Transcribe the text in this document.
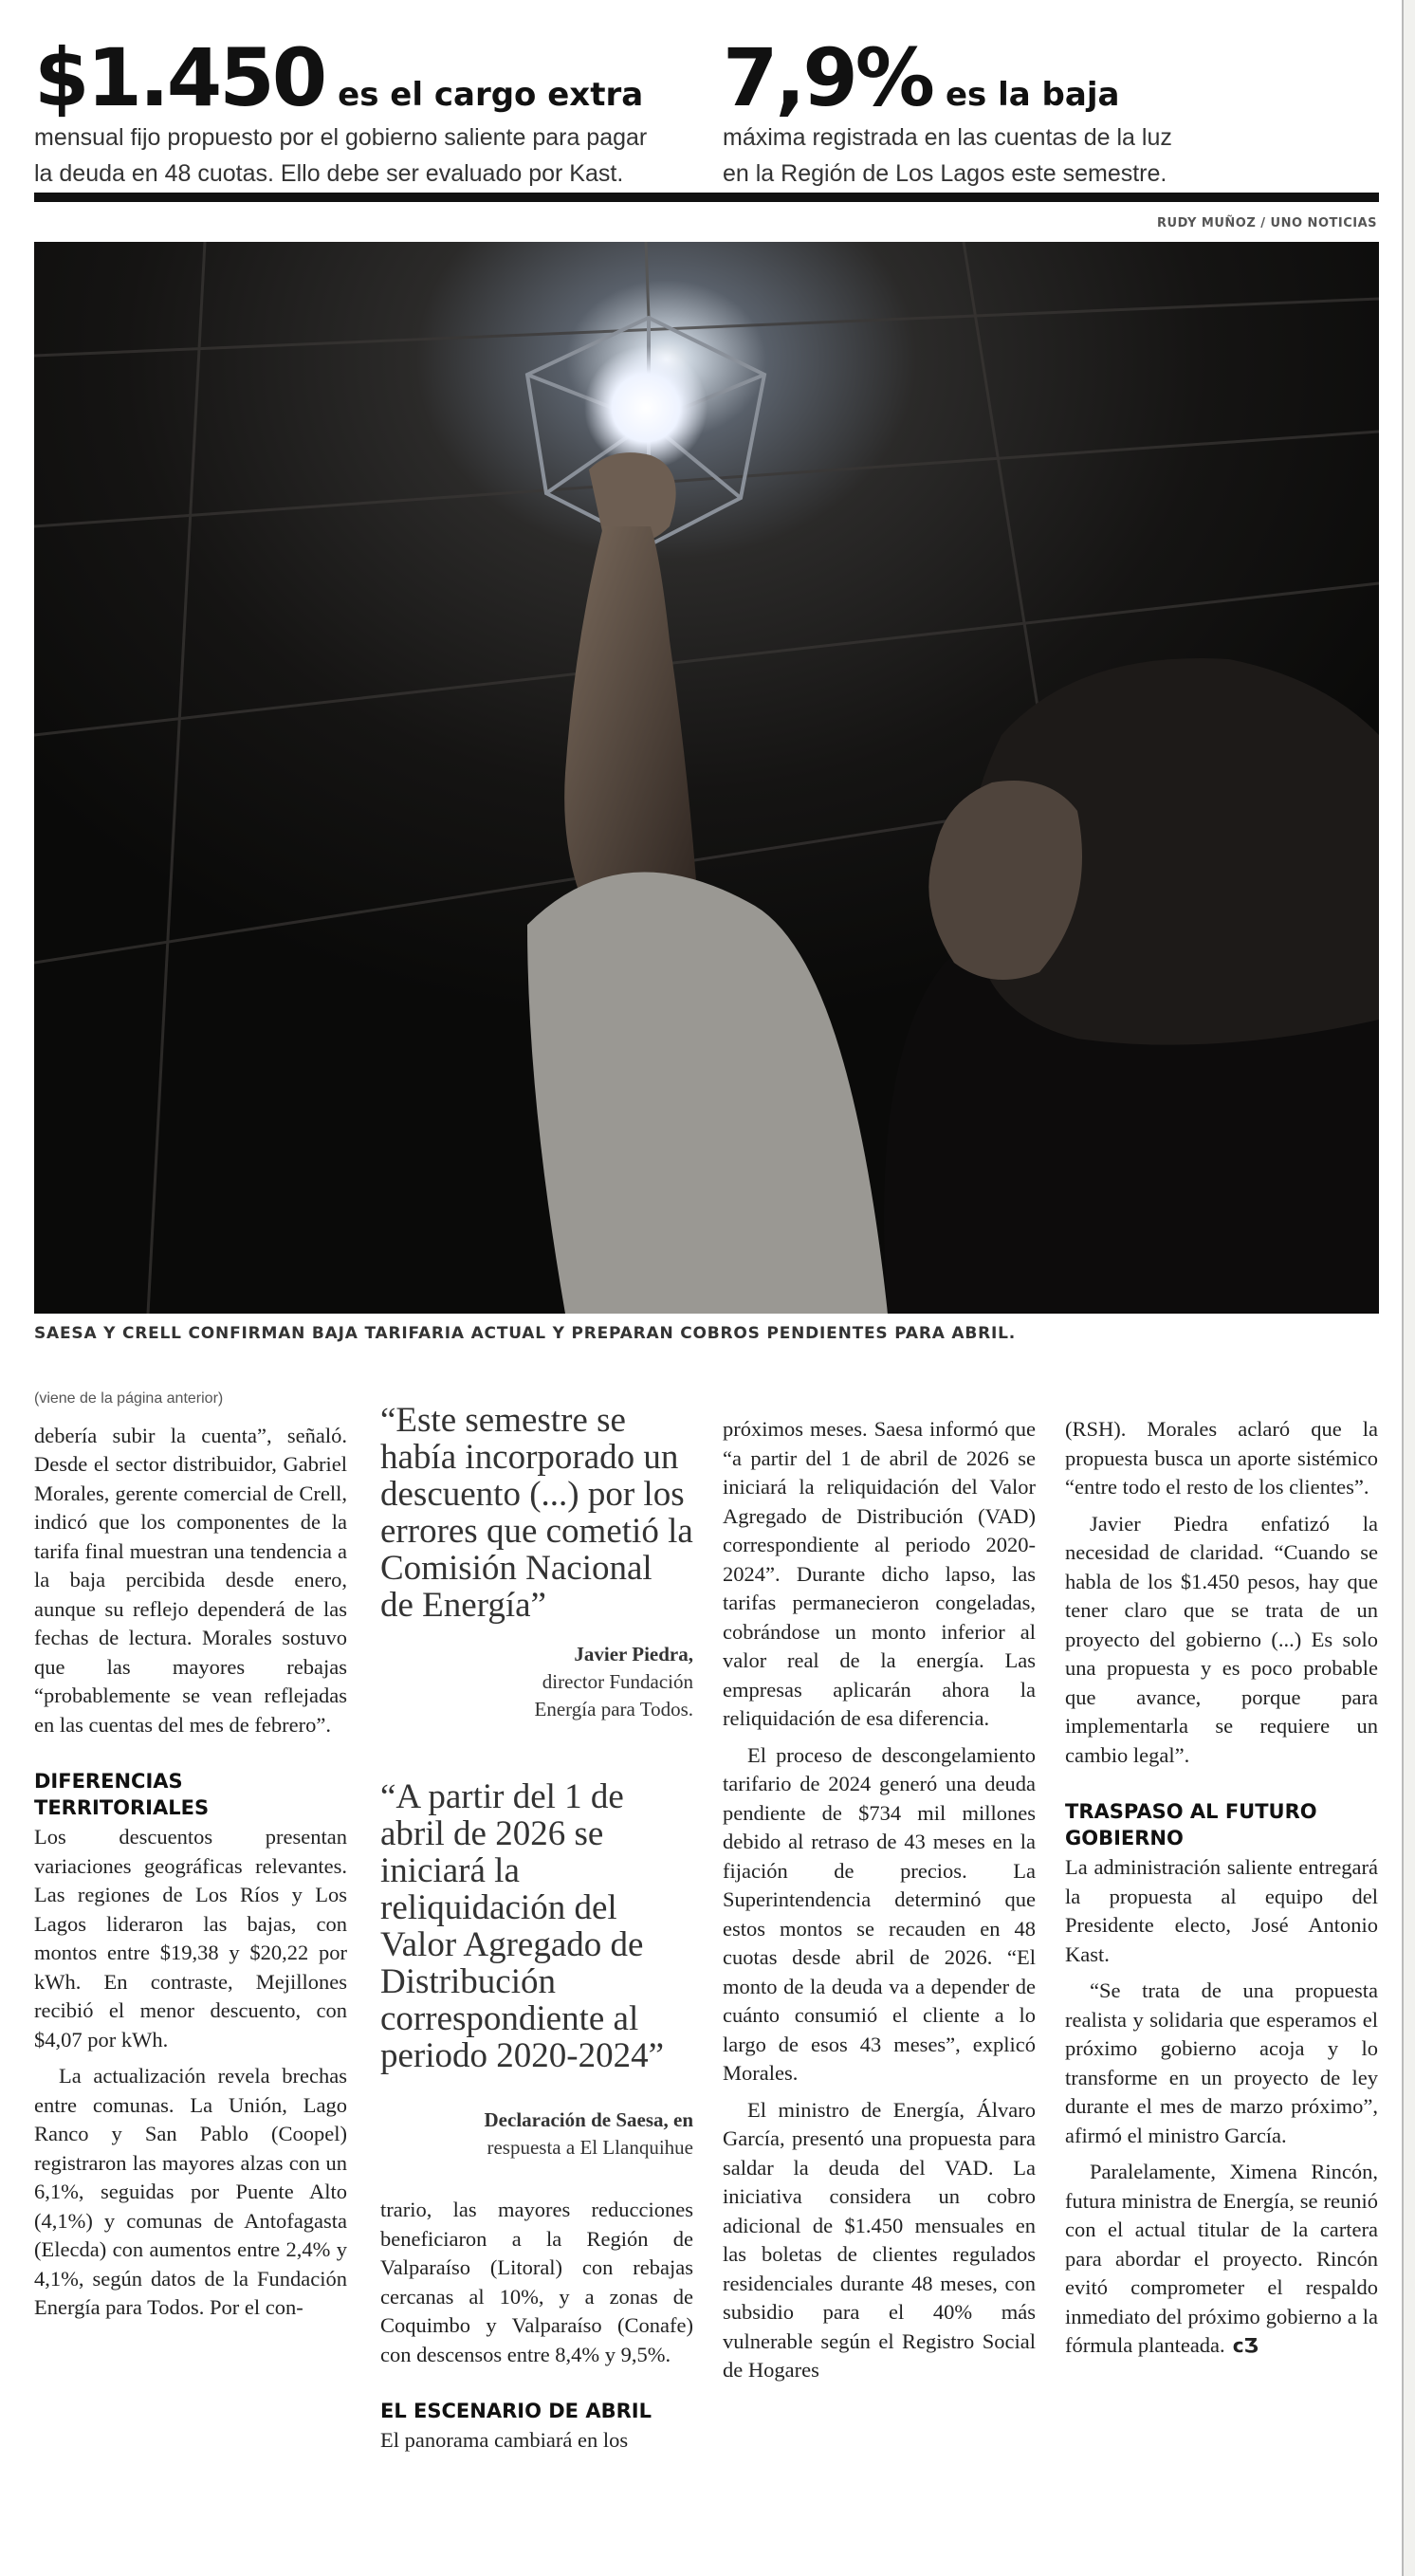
$1.450 es el cargo extra
mensual fijo propuesto por el gobierno saliente para pagar
la deuda en 48 cuotas. Ello debe ser evaluado por Kast.
7,9% es la baja
máxima registrada en las cuentas de la luz
en la Región de Los Lagos este semestre.
RUDY MUÑOZ / UNO NOTICIAS
SAESA Y CRELL CONFIRMAN BAJA TARIFARIA ACTUAL Y PREPARAN COBROS PENDIENTES PARA ABRIL.

(viene de la página anterior)

debería subir la cuenta”, señaló. Desde el sector distribuidor, Gabriel Morales, gerente comercial de Crell, indicó que los componentes de la tarifa final muestran una tendencia a la baja percibida desde enero, aunque su reflejo dependerá de las fechas de lectura. Morales sostuvo que las mayores rebajas “probablemente se vean reflejadas en las cuentas del mes de febrero”.

DIFERENCIAS TERRITORIALES

Los descuentos presentan variaciones geográficas relevantes. Las regiones de Los Ríos y Los Lagos lideraron las bajas, con montos entre $19,38 y $20,22 por kWh. En contraste, Mejillones recibió el menor descuento, con $4,07 por kWh.

La actualización revela brechas entre comunas. La Unión, Lago Ranco y San Pablo (Coopel) registraron las mayores alzas con un 6,1%, seguidas por Puente Alto (4,1%) y comunas de Antofagasta (Elecda) con aumentos entre 2,4% y 4,1%, según datos de la Fundación Energía para Todos. Por el con-

“Este semestre se había incorporado un descuento (...) por los errores que cometió la Comisión Nacional de Energía”
Javier Piedra,
director Fundación
Energía para Todos.
“A partir del 1 de abril de 2026 se iniciará la reliquidación del Valor Agregado de Distribución correspondiente al periodo 2020-2024”
Declaración de Saesa, en
respuesta a El Llanquihue

trario, las mayores reducciones beneficiaron a la Región de Valparaíso (Litoral) con rebajas cercanas al 10%, y a zonas de Coquimbo y Valparaíso (Conafe) con descensos entre 8,4% y 9,5%.

EL ESCENARIO DE ABRIL

El panorama cambiará en los

próximos meses. Saesa informó que “a partir del 1 de abril de 2026 se iniciará la reliquidación del Valor Agregado de Distribución (VAD) correspondiente al periodo 2020-2024”. Durante dicho lapso, las tarifas permanecieron congeladas, cobrándose un monto inferior al valor real de la energía. Las empresas aplicarán ahora la reliquidación de esa diferencia.

El proceso de descongelamiento tarifario de 2024 generó una deuda pendiente de $734 mil millones debido al retraso de 43 meses en la fijación de precios. La Superintendencia determinó que estos montos se recauden en 48 cuotas desde abril de 2026. “El monto de la deuda va a depender de cuánto consumió el cliente a lo largo de esos 43 meses”, explicó Morales.

El ministro de Energía, Álvaro García, presentó una propuesta para saldar la deuda del VAD. La iniciativa considera un cobro adicional de $1.450 mensuales en las boletas de clientes regulados residenciales durante 48 meses, con subsidio para el 40% más vulnerable según el Registro Social de Hogares

(RSH). Morales aclaró que la propuesta busca un aporte sistémico “entre todo el resto de los clientes”.

Javier Piedra enfatizó la necesidad de claridad. “Cuando se habla de los $1.450 pesos, hay que tener claro que se trata de un proyecto del gobierno (...) Es solo una propuesta y es poco probable que avance, porque para implementarla se requiere un cambio legal”.

TRASPASO AL FUTURO GOBIERNO

La administración saliente entregará la propuesta al equipo del Presidente electo, José Antonio Kast.

“Se trata de una propuesta realista y solidaria que esperamos el próximo gobierno acoja y lo transforme en un proyecto de ley durante el mes de marzo próximo”, afirmó el ministro García.

Paralelamente, Ximena Rincón, futura ministra de Energía, se reunió con el actual titular de la cartera para abordar el proyecto. Rincón evitó comprometer el respaldo inmediato del próximo gobierno a la fórmula planteada. ᴄƷ
